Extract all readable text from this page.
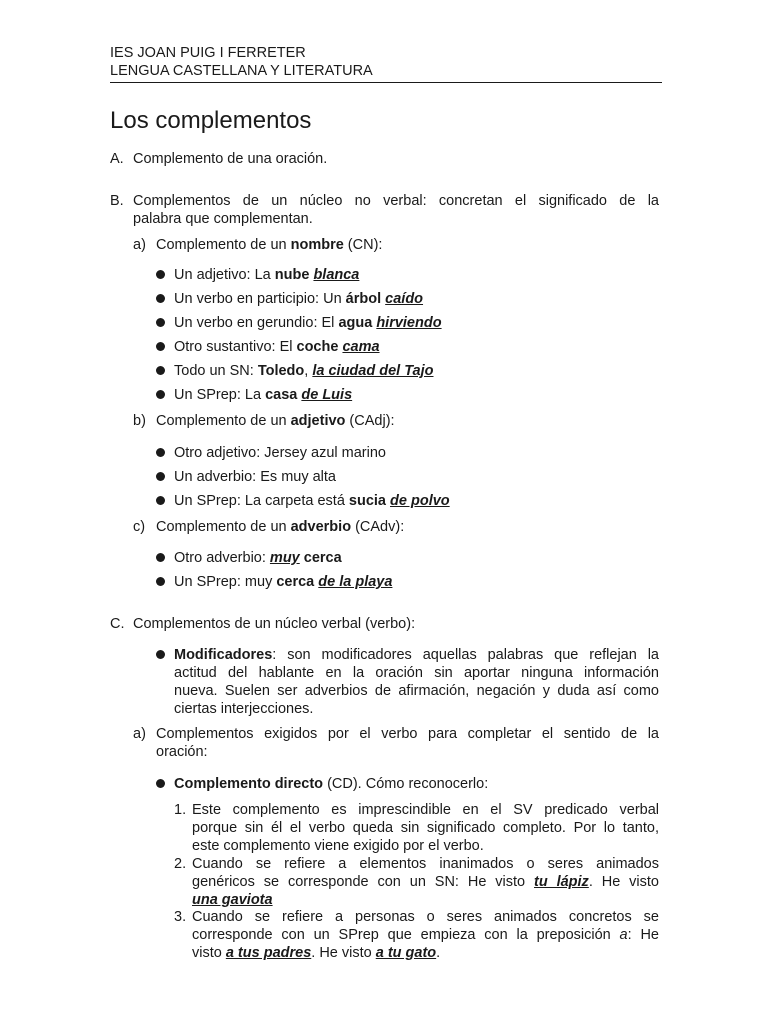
IES JOAN PUIG I FERRETER
LENGUA CASTELLANA Y LITERATURA
Los complementos
A. Complemento de una oración.
B. Complementos de un núcleo no verbal: concretan el significado de la
palabra que complementan.
a) Complemento de un nombre (CN):
Un adjetivo: La nube blanca
Un verbo en participio: Un árbol caído
Un verbo en gerundio: El agua hirviendo
Otro sustantivo: El coche cama
Todo un SN: Toledo, la ciudad del Tajo
Un SPrep: La casa de Luis
b) Complemento de un adjetivo (CAdj):
Otro adjetivo: Jersey azul marino
Un adverbio: Es muy alta
Un SPrep: La carpeta está sucia de polvo
c) Complemento de un adverbio (CAdv):
Otro adverbio: muy cerca
Un SPrep: muy cerca de la playa
C. Complementos de un núcleo verbal (verbo):
Modificadores: son modificadores aquellas palabras que reflejan la
actitud del hablante en la oración sin aportar ninguna información
nueva. Suelen ser adverbios de afirmación, negación y duda así como
ciertas interjecciones.
a) Complementos exigidos por el verbo para completar el sentido de la
oración:
Complemento directo (CD). Cómo reconocerlo:
1. Este complemento es imprescindible en el SV predicado verbal
porque sin él el verbo queda sin significado completo. Por lo tanto,
este complemento viene exigido por el verbo.
2. Cuando se refiere a elementos inanimados o seres animados
genéricos se corresponde con un SN: He visto tu lápiz. He visto
una gaviota
3. Cuando se refiere a personas o seres animados concretos se
corresponde con un SPrep que empieza con la preposición a: He
visto a tus padres. He visto a tu gato.
